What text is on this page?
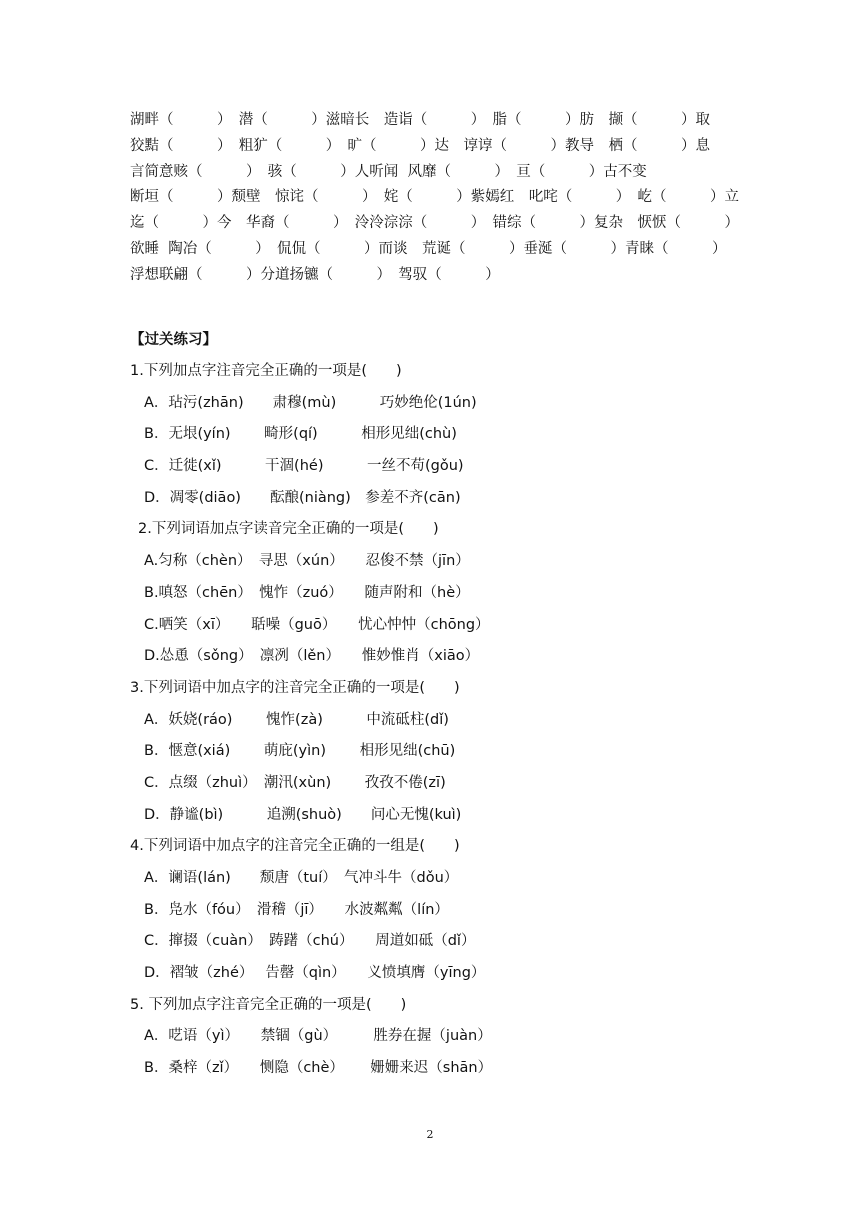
湖畔（　　　）　潜（　　　）滋暗长　造诣（　　　）　脂（　　　）肪　撷（　　　）取
狡黠（　　　）　粗犷（　　　）　旷（　　　）达　谆谆（　　　）教导　栖（　　　）息
言简意赅（　　　）　骇（　　　）人听闻  风靡（　　　）　亘（　　　）古不变
断垣（　　　）颓壁　惊诧（　　　）　姹（　　　）紫嫣红　叱咤（　　　）　屹（　　　）立
迄（　　　）今　华裔（　　　）　泠泠淙淙（　　　）　错综（　　　）复杂　恹恹（　　　）
欲睡  陶冶（　　　）　侃侃（　　　）而谈　荒诞（　　　）垂涎（　　　）青睐（　　　）
浮想联翩（　　　）分道扬镳（　　　）　驾驭（　　　）
【过关练习】
1.下列加点字注音完全正确的一项是(　　)
A．玷污(zhān)　　肃穆(mù)　　　巧妙绝伦(1ún)
B．无垠(yín)　　 畸形(qí)　　　相形见绌(chù)
C．迁徙(xǐ)　　　干涸(hé)　　　一丝不苟(gǒu)
D．凋零(diāo)　　酝酿(niàng)　参差不齐(cān)
2.下列词语加点字读音完全正确的一项是(　　)
A.匀称（chèn）　寻思（xún）　　忍俊不禁（jīn）
B.嗔怒（chēn）　愧怍（zuó）　　随声附和（hè）
C.哂笑（xī）　　聒噪（guō）　　忧心忡忡（chōng）
D.怂恿（sǒng）　凛冽（lěn）　　惟妙惟肖（xiāo）
3.下列词语中加点字的注音完全正确的一项是(　　)
A．妖娆(ráo)　　 愧怍(zà)　　　中流砥柱(dǐ)
B．惬意(xiá)　　 萌庇(yìn)　　 相形见绌(chū)
C．点缀（zhuì）　潮汛(xùn)　　 孜孜不倦(zī)
D．静谧(bì)　　　追溯(shuò)　　问心无愧(kuì)
4.下列词语中加点字的注音完全正确的一组是(　　)
A．谰语(lán)　　颓唐（tuí）　气冲斗牛（dǒu）
B．凫水（fóu）　滑稽（jī）　　水波粼粼（lín）
C．撺掇（cuàn）　踌躇（chú）　　周道如砥（dǐ）
D．褶皱（zhé）　 告罄（qìn）　　义愤填膺（yīng）
5. 下列加点字注音完全正确的一项是(　　)
A．呓语（yì）　　禁锢（gù）　　　胜券在握（juàn）
B．桑梓（zǐ）　　恻隐（chè）　　 姗姗来迟（shān）
2
